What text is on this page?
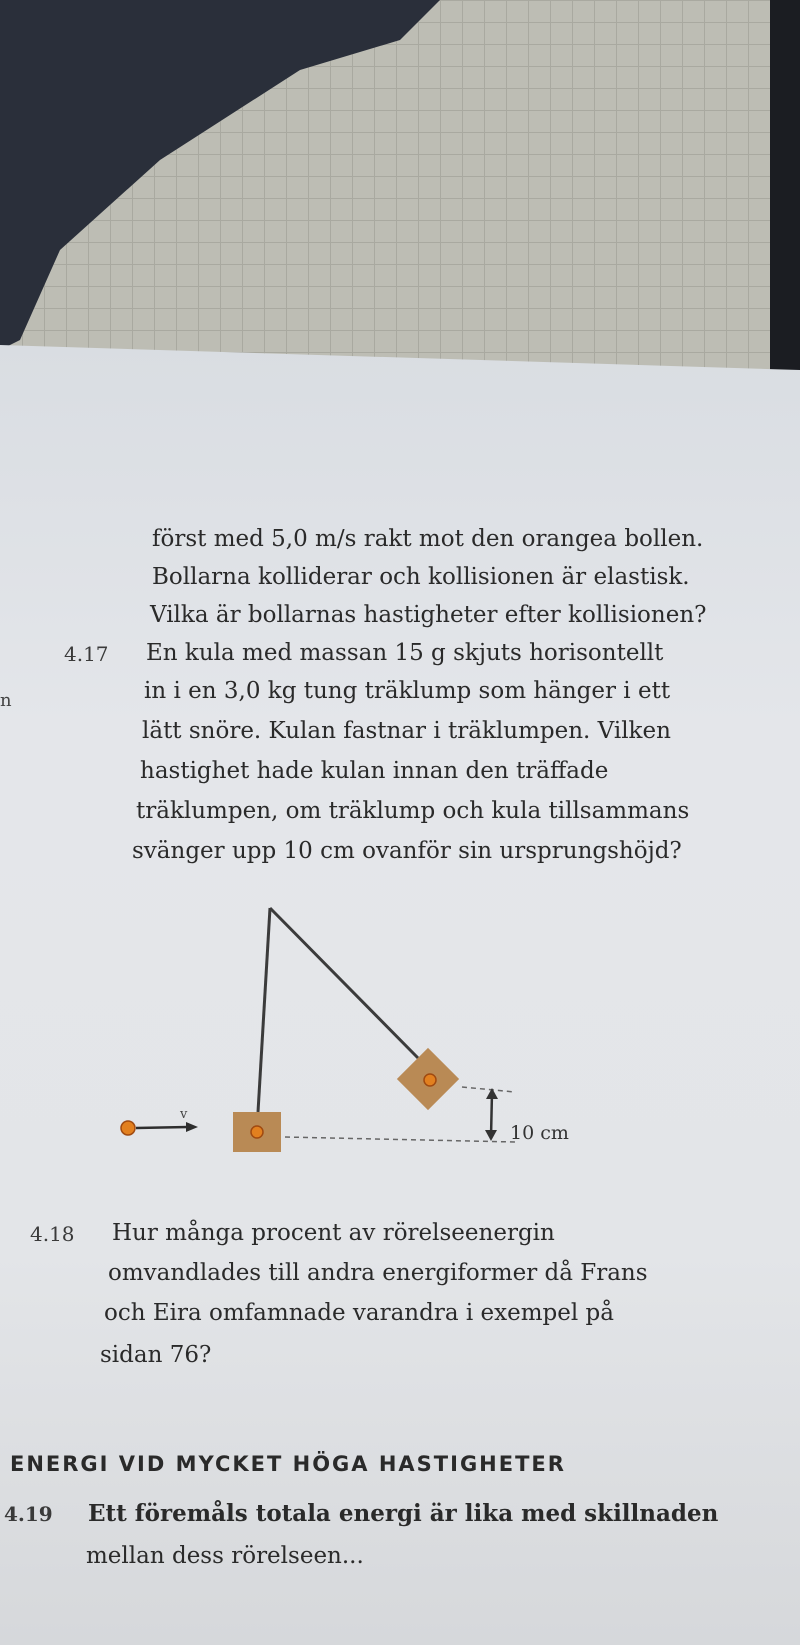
först med 5,0 m/s rakt mot den orangea bollen.
Bollarna kolliderar och kollisionen är elastisk.
Vilka är bollarnas hastigheter efter kollisionen?
n
4.17 En kula med massan 15 g skjuts horisontellt
in i en 3,0 kg tung träklump som hänger i ett
lätt snöre. Kulan fastnar i träklumpen. Vilken
hastighet hade kulan innan den träffade
träklumpen, om träklump och kula tillsammans
svänger upp 10 cm ovanför sin ursprungshöjd?
v
10 cm
4.18 Hur många procent av rörelseenergin
omvandlades till andra energiformer då Frans
och Eira omfamnade varandra i exempel på
sidan 76?
ENERGI VID MYCKET HÖGA HASTIGHETER
4.19 Ett föremåls totala energi är lika med skillnaden
mellan dess rörelseen...
